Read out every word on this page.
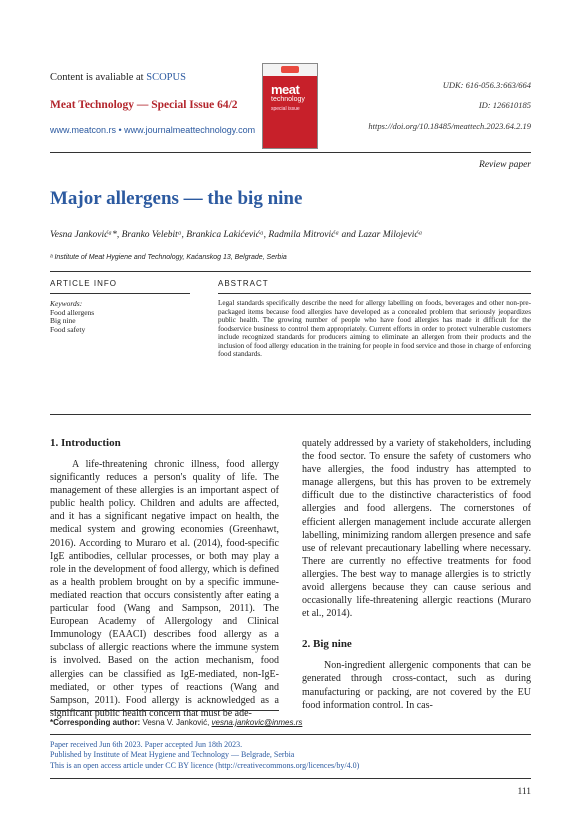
Content is avaliable at SCOPUS
Meat Technology — Special Issue 64/2
www.meatcon.rs • www.journalmeattechnology.com
meat
technology
special issue
UDK: 616-056.3:663/664
ID: 126610185
https://doi.org/10.18485/meattech.2023.64.2.19
Review paper
Major allergens — the big nine
Vesna Jankovićᵃ*, Branko Velebitᵃ, Brankica Lakićevićᵃ, Radmila Mitrovićᵃ and Lazar Milojevićᵃ
ᵃ Institute of Meat Hygiene and Technology, Kaćanskog 13, Belgrade, Serbia
ARTICLE INFO	ABSTRACT
Keywords:
Food allergens
Big nine
Food safety
Legal standards specifically describe the need for allergy labelling on foods, beverages and other non-pre-packaged items because food allergies have developed as a concealed problem that seriously jeopardizes public health. The growing number of people who have food allergies has made it difficult for the foodservice business to control them appropriately. Current efforts in order to protect vulnerable customers include recognized standards for producers aiming to eliminate an allergen from their products and the inclusion of food allergy education in the training for people in food service and those in charge of enforcing food standards.
1. Introduction
A life-threatening chronic illness, food allergy significantly reduces a person's quality of life. The management of these allergies is an important aspect of public health policy. Children and adults are affected, and it has a significant negative impact on health, the medical system and growing economies (Greenhawt, 2016). According to Muraro et al. (2014), food-specific IgE antibodies, cellular processes, or both may play a role in the development of food allergy, which is defined as a health problem brought on by a specific immune-mediated reaction that occurs consistently after eating a particular food (Wang and Sampson, 2011). The European Academy of Allergology and Clinical Immunology (EAACI) describes food allergy as a subclass of allergic reactions where the immune system is involved. Based on the action mechanism, food allergies can be classified as IgE-mediated, non-IgE-mediated, or other types of reactions (Wang and Sampson, 2011). Food allergy is acknowledged as a significant public health concern that must be ade-
quately addressed by a variety of stakeholders, including the food sector. To ensure the safety of customers who have allergies, the food industry has attempted to manage allergens, but this has proven to be extremely difficult due to the distinctive characteristics of food allergies and food allergens. The cornerstones of efficient allergen management include accurate allergen labelling, minimizing random allergen presence and safe use of relevant precautionary labelling where necessary. There are currently no effective treatments for food allergies. The best way to manage allergies is to strictly avoid allergens because they can cause serious and occasionally life-threatening allergic reactions (Muraro et al., 2014).
2. Big nine
Non-ingredient allergenic components that can be generated through cross-contact, such as during manufacturing or packing, are not covered by the EU food information control. In cas-
*Corresponding author: Vesna V. Janković, vesna.jankovic@inmes.rs
Paper received Jun 6th 2023. Paper accepted Jun 18th 2023.
Published by Institute of Meat Hygiene and Technology — Belgrade, Serbia
This is an open access article under CC BY licence (http://creativecommons.org/licences/by/4.0)
111
